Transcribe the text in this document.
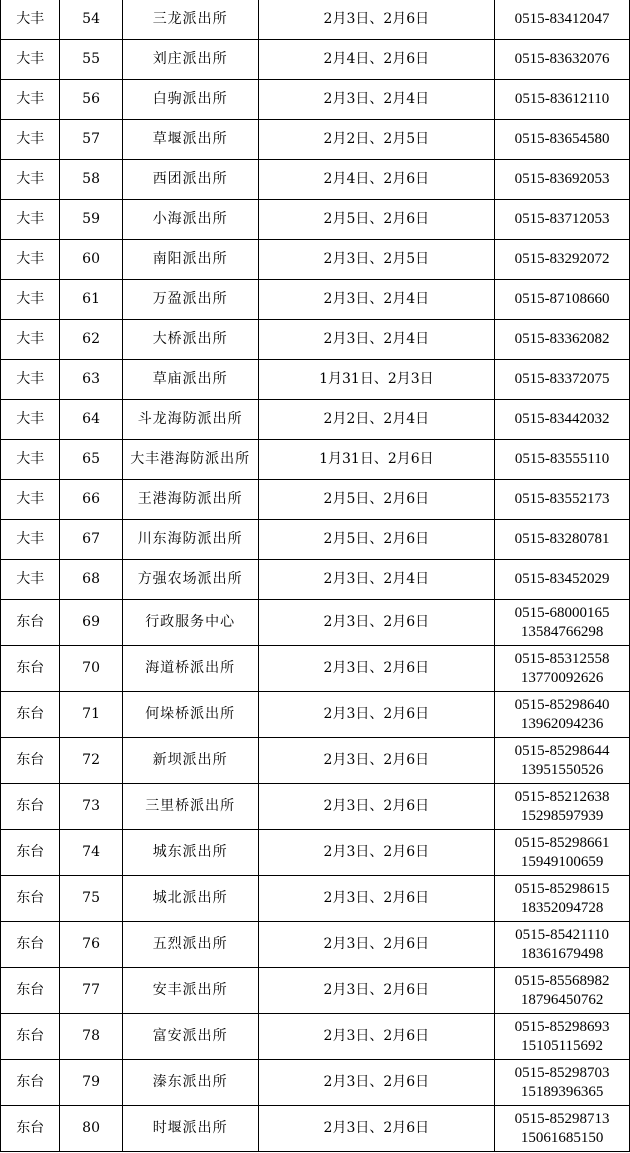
大丰	54	三龙派出所	2月3日、2月6日	0515-83412047

大丰	55	刘庄派出所	2月4日、2月6日	0515-83632076

大丰	56	白驹派出所	2月3日、2月4日	0515-83612110

大丰	57	草堰派出所	2月2日、2月5日	0515-83654580

大丰	58	西团派出所	2月4日、2月6日	0515-83692053

大丰	59	小海派出所	2月5日、2月6日	0515-83712053

大丰	60	南阳派出所	2月3日、2月5日	0515-83292072

大丰	61	万盈派出所	2月3日、2月4日	0515-87108660

大丰	62	大桥派出所	2月3日、2月4日	0515-83362082

大丰	63	草庙派出所	1月31日、2月3日	0515-83372075

大丰	64	斗龙海防派出所	2月2日、2月4日	0515-83442032

大丰	65	大丰港海防派出所	1月31日、2月6日	0515-83555110

大丰	66	王港海防派出所	2月5日、2月6日	0515-83552173

大丰	67	川东海防派出所	2月5日、2月6日	0515-83280781

大丰	68	方强农场派出所	2月3日、2月4日	0515-83452029

东台	69	行政服务中心	2月3日、2月6日	0515-68000165
13584766298

东台	70	海道桥派出所	2月3日、2月6日	0515-85312558
13770092626

东台	71	何垛桥派出所	2月3日、2月6日	0515-85298640
13962094236

东台	72	新坝派出所	2月3日、2月6日	0515-85298644
13951550526

东台	73	三里桥派出所	2月3日、2月6日	0515-85212638
15298597939

东台	74	城东派出所	2月3日、2月6日	0515-85298661
15949100659

东台	75	城北派出所	2月3日、2月6日	0515-85298615
18352094728

东台	76	五烈派出所	2月3日、2月6日	0515-85421110
18361679498

东台	77	安丰派出所	2月3日、2月6日	0515-85568982
18796450762

东台	78	富安派出所	2月3日、2月6日	0515-85298693
15105115692

东台	79	溱东派出所	2月3日、2月6日	0515-85298703
15189396365

东台	80	时堰派出所	2月3日、2月6日	0515-85298713
15061685150
